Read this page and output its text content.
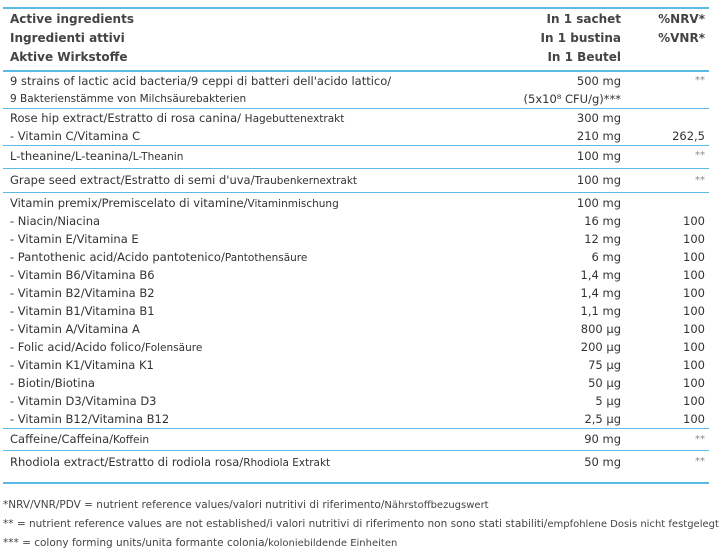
Active ingredients	In 1 sachet	%NRV*
Ingredienti attivi	In 1 bustina	%VNR*
Aktive Wirkstoffe	In 1 Beutel
9 strains of lactic acid bacteria/9 ceppi di batteri dell'acido lattico/	500 mg	**
9 Bakterienstämme von Milchsäurebakterien	(5x10⁸ CFU/g)***
Rose hip extract/Estratto di rosa canina/ Hagebuttenextrakt	300 mg
- Vitamin C/Vitamina C	210 mg	262,5
L-theanine/L-teanina/L-Theanin	100 mg	**
Grape seed extract/Estratto di semi d'uva/Traubenkernextrakt	100 mg	**
Vitamin premix/Premiscelato di vitamine/Vitaminmischung	100 mg
- Niacin/Niacina	16 mg	100
- Vitamin E/Vitamina E	12 mg	100
- Pantothenic acid/Acido pantotenico/Pantothensäure	6 mg	100
- Vitamin B6/Vitamina B6	1,4 mg	100
- Vitamin B2/Vitamina B2	1,4 mg	100
- Vitamin B1/Vitamina B1	1,1 mg	100
- Vitamin A/Vitamina A	800 µg	100
- Folic acid/Acido folico/Folensäure	200 µg	100
- Vitamin K1/Vitamina K1	75 µg	100
- Biotin/Biotina	50 µg	100
- Vitamin D3/Vitamina D3	5 µg	100
- Vitamin B12/Vitamina B12	2,5 µg	100
Caffeine/Caffeina/Koffein	90 mg	**
Rhodiola extract/Estratto di rodiola rosa/Rhodiola Extrakt	50 mg	**
*NRV/VNR/PDV = nutrient reference values/valori nutritivi di riferimento/Nährstoffbezugswert
** = nutrient reference values are not established/i valori nutritivi di riferimento non sono stati stabiliti/empfohlene Dosis nicht festgelegt
*** = colony forming units/unita formante colonia/koloniebildende Einheiten
